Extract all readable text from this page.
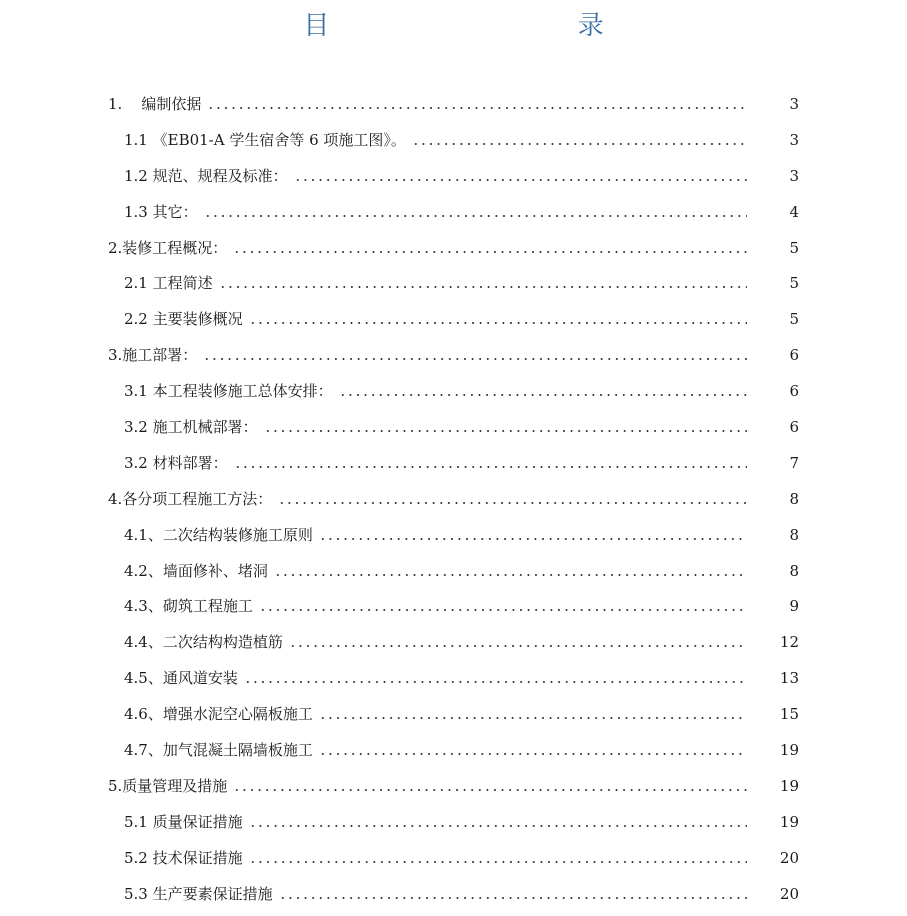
目 录
1.    编制依据	3
1.1 《EB01-A 学生宿舍等 6 项施工图》。	3
1.2 规范、规程及标准：	3
1.3 其它：	4
2.装修工程概况：	5
2.1 工程简述	5
2.2 主要装修概况	5
3.施工部署：	6
3.1 本工程装修施工总体安排：	6
3.2 施工机械部署：	6
3.2 材料部署：	7
4.各分项工程施工方法：	8
4.1、二次结构装修施工原则	8
4.2、墙面修补、堵洞	8
4.3、砌筑工程施工	9
4.4、二次结构构造植筋	12
4.5、通风道安装	13
4.6、增强水泥空心隔板施工	15
4.7、加气混凝土隔墙板施工	19
5.质量管理及措施	19
5.1 质量保证措施	19
5.2 技术保证措施	20
5.3 生产要素保证措施	20
